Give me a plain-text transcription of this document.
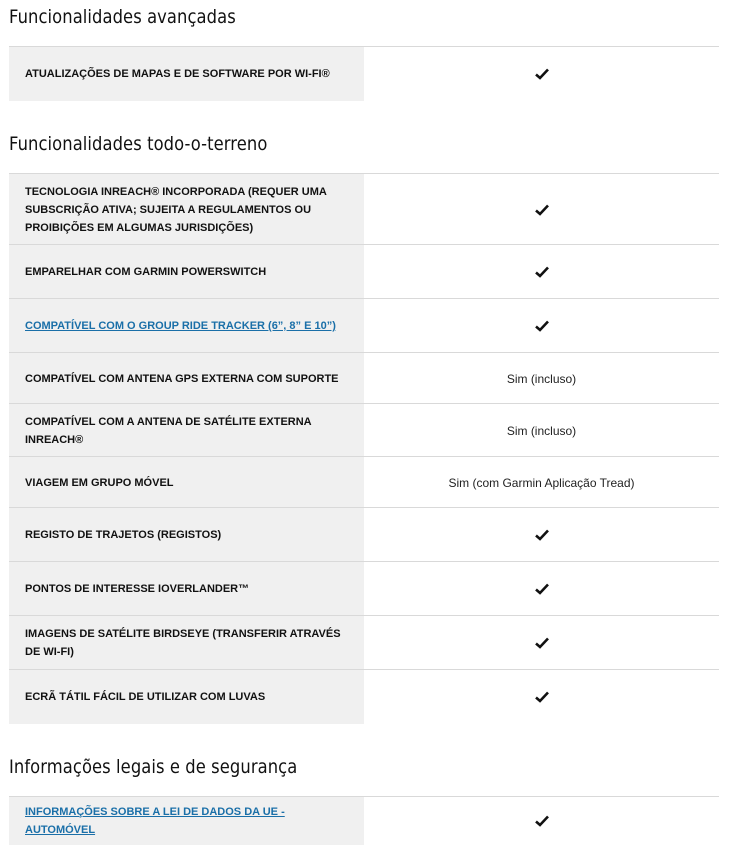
Funcionalidades avançadas
ATUALIZAÇÕES DE MAPAS E DE SOFTWARE POR WI-FI®
Funcionalidades todo-o-terreno
TECNOLOGIA INREACH® INCORPORADA (REQUER UMA SUBSCRIÇÃO ATIVA; SUJEITA A REGULAMENTOS OU PROIBIÇÕES EM ALGUMAS JURISDIÇÕES)
EMPARELHAR COM GARMIN POWERSWITCH
COMPATÍVEL COM O GROUP RIDE TRACKER (6”, 8” E 10”)
COMPATÍVEL COM ANTENA GPS EXTERNA COM SUPORTE	Sim (incluso)
COMPATÍVEL COM A ANTENA DE SATÉLITE EXTERNA INREACH®
Sim (incluso)
VIAGEM EM GRUPO MÓVEL	Sim (com Garmin Aplicação Tread)
REGISTO DE TRAJETOS (REGISTOS)
PONTOS DE INTERESSE IOVERLANDER™
IMAGENS DE SATÉLITE BIRDSEYE (TRANSFERIR ATRAVÉS DE WI-FI)
ECRÃ TÁTIL FÁCIL DE UTILIZAR COM LUVAS
Informações legais e de segurança
INFORMAÇÕES SOBRE A LEI DE DADOS DA UE - AUTOMÓVEL
